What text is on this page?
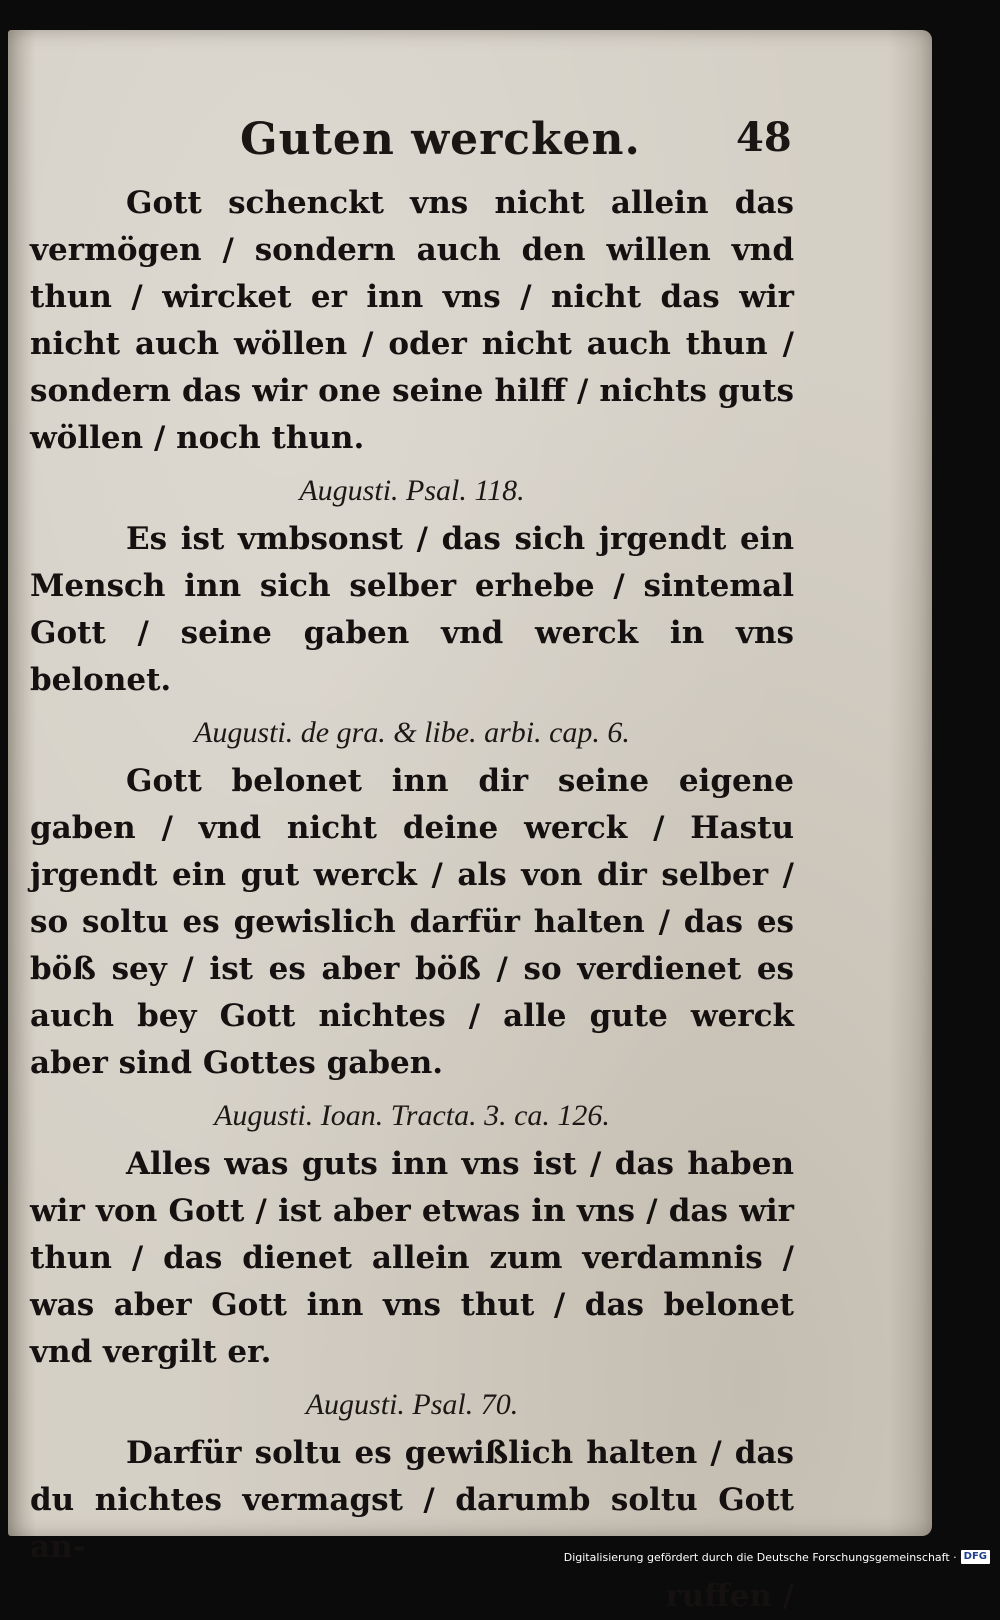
Guten wercken. 48

Gott schenckt vns nicht allein das vermögen / sondern auch den willen vnd thun / wircket er inn vns / nicht das wir nicht auch wöllen / oder nicht auch thun / sondern das wir one seine hilff / nichts guts wöllen / noch thun.

Augusti. Psal. 118.

Es ist vmbsonst / das sich jrgendt ein Mensch inn sich selber erhebe / sintemal Gott / seine gaben vnd werck in vns belonet.

Augusti. de gra. & libe. arbi. cap. 6.

Gott belonet inn dir seine eigene gaben / vnd nicht deine werck / Hastu jrgendt ein gut werck / als von dir selber / so soltu es gewislich darfür halten / das es böß sey / ist es aber böß / so verdienet es auch bey Gott nichtes / alle gute werck aber sind Gottes gaben.

Augusti. Ioan. Tracta. 3. ca. 126.

Alles was guts inn vns ist / das haben wir von Gott / ist aber etwas in vns / das wir thun / das dienet allein zum verdamnis / was aber Gott inn vns thut / das belonet vnd vergilt er.

Augusti. Psal. 70.

Darfür soltu es gewißlich halten / das du nichtes vermagst / darumb soltu Gott an-

ruffen /
Digitalisierung gefördert durch die Deutsche Forschungsgemeinschaft · DFG
